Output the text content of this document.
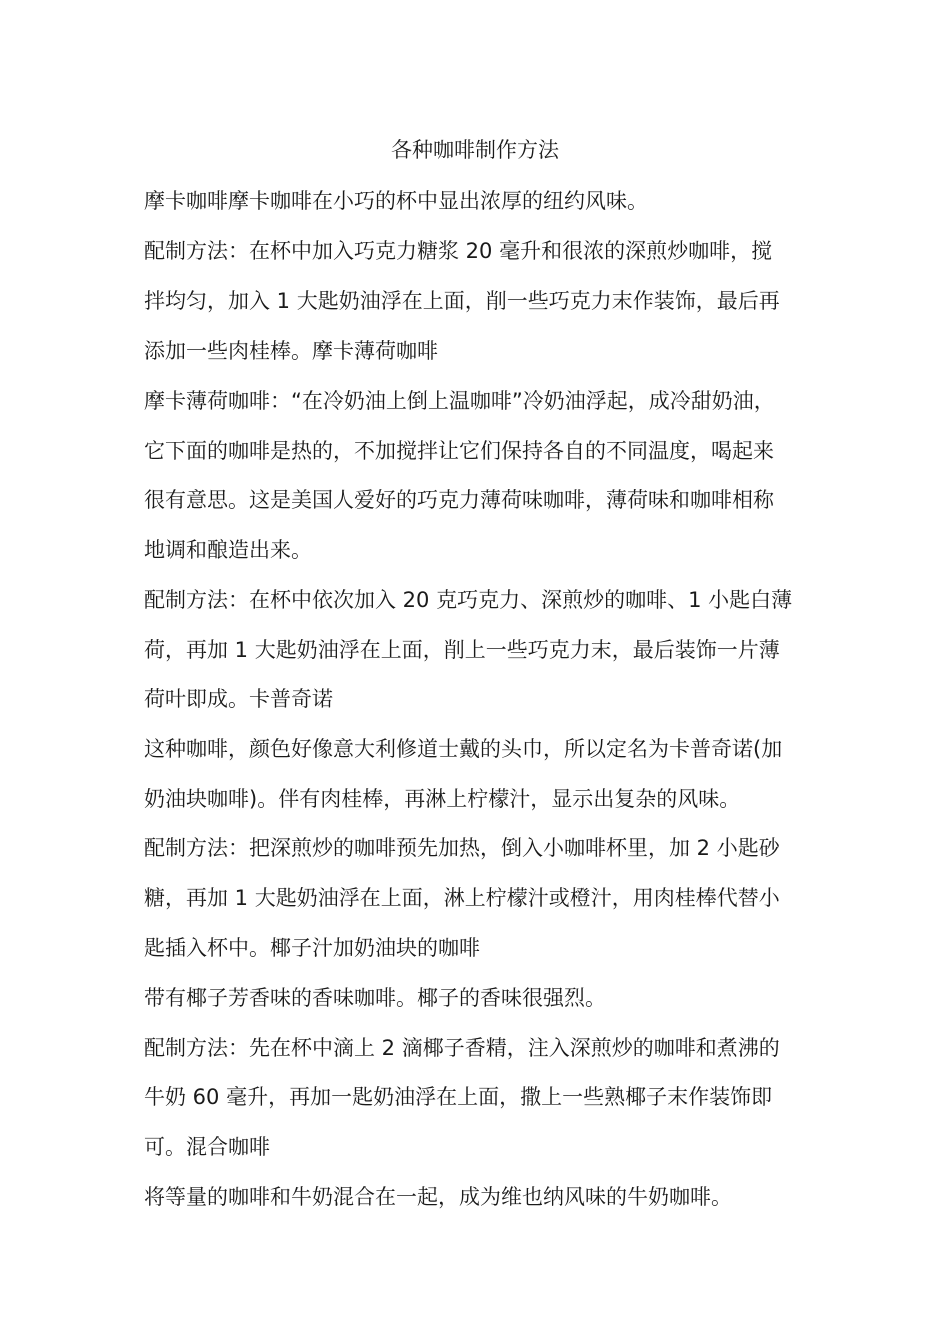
各种咖啡制作方法
摩卡咖啡摩卡咖啡在小巧的杯中显出浓厚的纽约风味。
配制方法：在杯中加入巧克力糖浆 20 毫升和很浓的深煎炒咖啡，搅
拌均匀，加入 1 大匙奶油浮在上面，削一些巧克力末作装饰，最后再
添加一些肉桂棒。摩卡薄荷咖啡
摩卡薄荷咖啡：“在冷奶油上倒上温咖啡”冷奶油浮起，成冷甜奶油，
它下面的咖啡是热的，不加搅拌让它们保持各自的不同温度，喝起来
很有意思。这是美国人爱好的巧克力薄荷味咖啡，薄荷味和咖啡相称
地调和酿造出来。
配制方法：在杯中依次加入 20 克巧克力、深煎炒的咖啡、1 小匙白薄
荷，再加 1 大匙奶油浮在上面，削上一些巧克力末，最后装饰一片薄
荷叶即成。卡普奇诺
这种咖啡，颜色好像意大利修道士戴的头巾，所以定名为卡普奇诺(加
奶油块咖啡)。伴有肉桂棒，再淋上柠檬汁，显示出复杂的风味。
配制方法：把深煎炒的咖啡预先加热，倒入小咖啡杯里，加 2 小匙砂
糖，再加 1 大匙奶油浮在上面，淋上柠檬汁或橙汁，用肉桂棒代替小
匙插入杯中。椰子汁加奶油块的咖啡
带有椰子芳香味的香味咖啡。椰子的香味很强烈。
配制方法：先在杯中滴上 2 滴椰子香精，注入深煎炒的咖啡和煮沸的
牛奶 60 毫升，再加一匙奶油浮在上面，撒上一些熟椰子末作装饰即
可。混合咖啡
将等量的咖啡和牛奶混合在一起，成为维也纳风味的牛奶咖啡。
